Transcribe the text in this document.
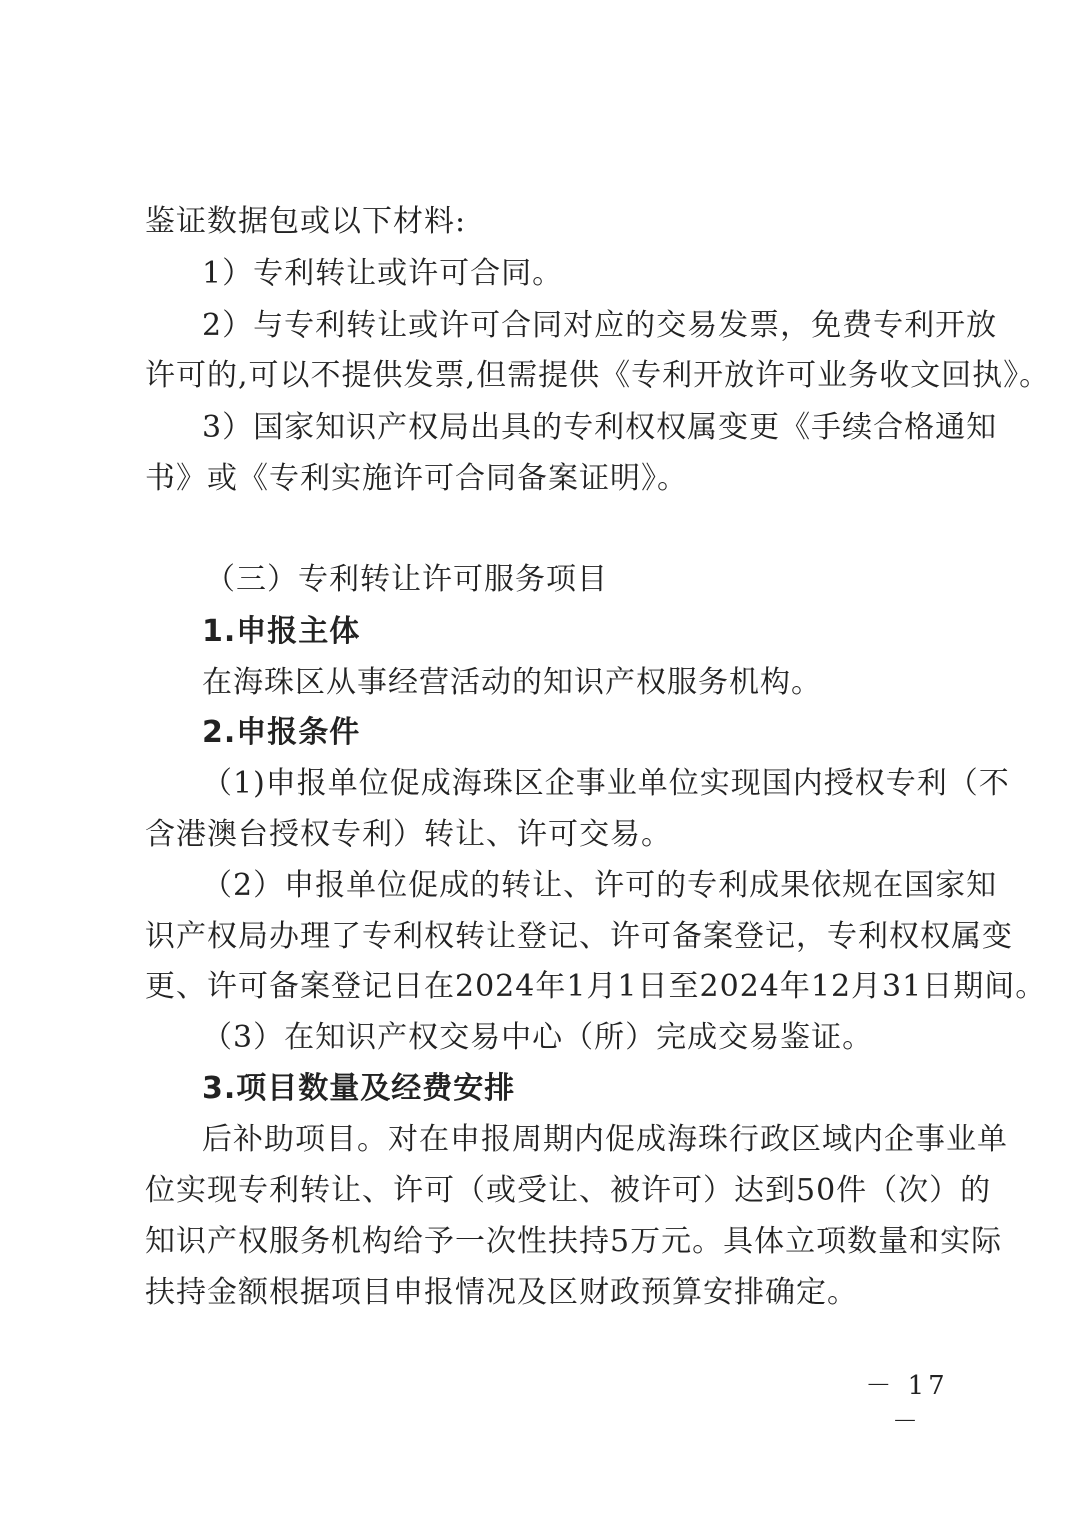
鉴证数据包或以下材料:
1）专利转让或许可合同。
2）与专利转让或许可合同对应的交易发票，免费专利开放
许可的,可以不提供发票,但需提供《专利开放许可业务收文回执》。
3）国家知识产权局出具的专利权权属变更《手续合格通知
书》或《专利实施许可合同备案证明》。
（三）专利转让许可服务项目
1.申报主体
在海珠区从事经营活动的知识产权服务机构。
2.申报条件
（1)申报单位促成海珠区企事业单位实现国内授权专利（不
含港澳台授权专利）转让、许可交易。
（2）申报单位促成的转让、许可的专利成果依规在国家知
识产权局办理了专利权转让登记、许可备案登记，专利权权属变
更、许可备案登记日在2024年1月1日至2024年12月31日期间。
（3）在知识产权交易中心（所）完成交易鉴证。
3.项目数量及经费安排
后补助项目。对在申报周期内促成海珠行政区域内企事业单
位实现专利转让、许可（或受让、被许可）达到50件（次）的
知识产权服务机构给予一次性扶持5万元。具体立项数量和实际
扶持金额根据项目申报情况及区财政预算安排确定。
－ 17 －
